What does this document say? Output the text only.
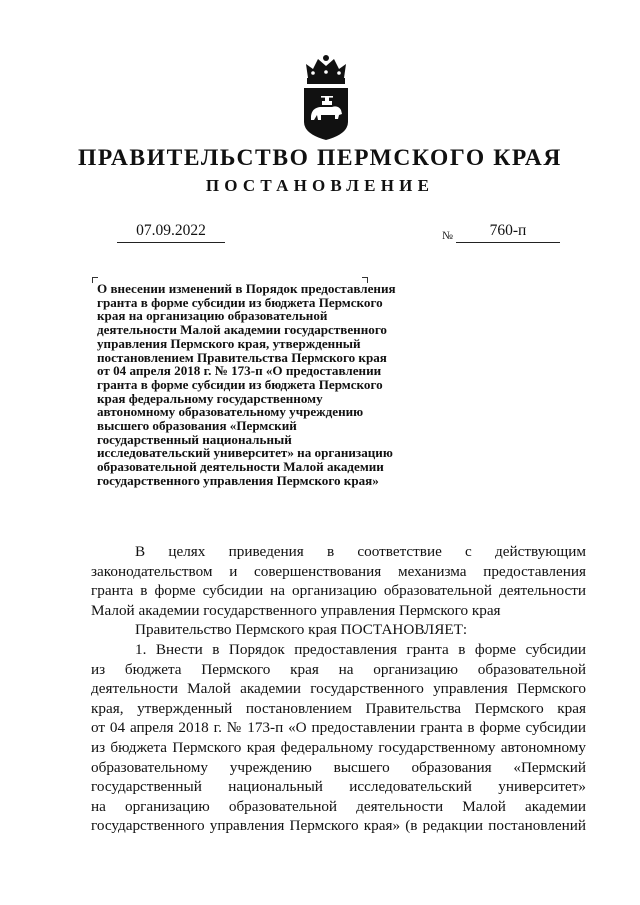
ПРАВИТЕЛЬСТВО ПЕРМСКОГО КРАЯ
ПОСТАНОВЛЕНИЕ
07.09.2022	№	760-п
О внесении изменений в Порядок предоставления
гранта в форме субсидии из бюджета Пермского
края на организацию образовательной
деятельности Малой академии государственного
управления Пермского края, утвержденный
постановлением Правительства Пермского края
от 04 апреля 2018 г. № 173-п «О предоставлении
гранта в форме субсидии из бюджета Пермского
края федеральному государственному
автономному образовательному учреждению
высшего образования «Пермский
государственный национальный
исследовательский университет» на организацию
образовательной деятельности Малой академии
государственного управления Пермского края»

В целях приведения в соответствие с действующим
законодательством и совершенствования механизма предоставления
гранта в форме субсидии на организацию образовательной деятельности
Малой академии государственного управления Пермского края

Правительство Пермского края ПОСТАНОВЛЯЕТ:

1. Внести в Порядок предоставления гранта в форме субсидии
из бюджета Пермского края на организацию образовательной
деятельности Малой академии государственного управления Пермского
края, утвержденный постановлением Правительства Пермского края
от 04 апреля 2018 г. № 173-п «О предоставлении гранта в форме субсидии
из бюджета Пермского края федеральному государственному автономному
образовательному учреждению высшего образования «Пермский
государственный национальный исследовательский университет»
на организацию образовательной деятельности Малой академии
государственного управления Пермского края» (в редакции постановлений
